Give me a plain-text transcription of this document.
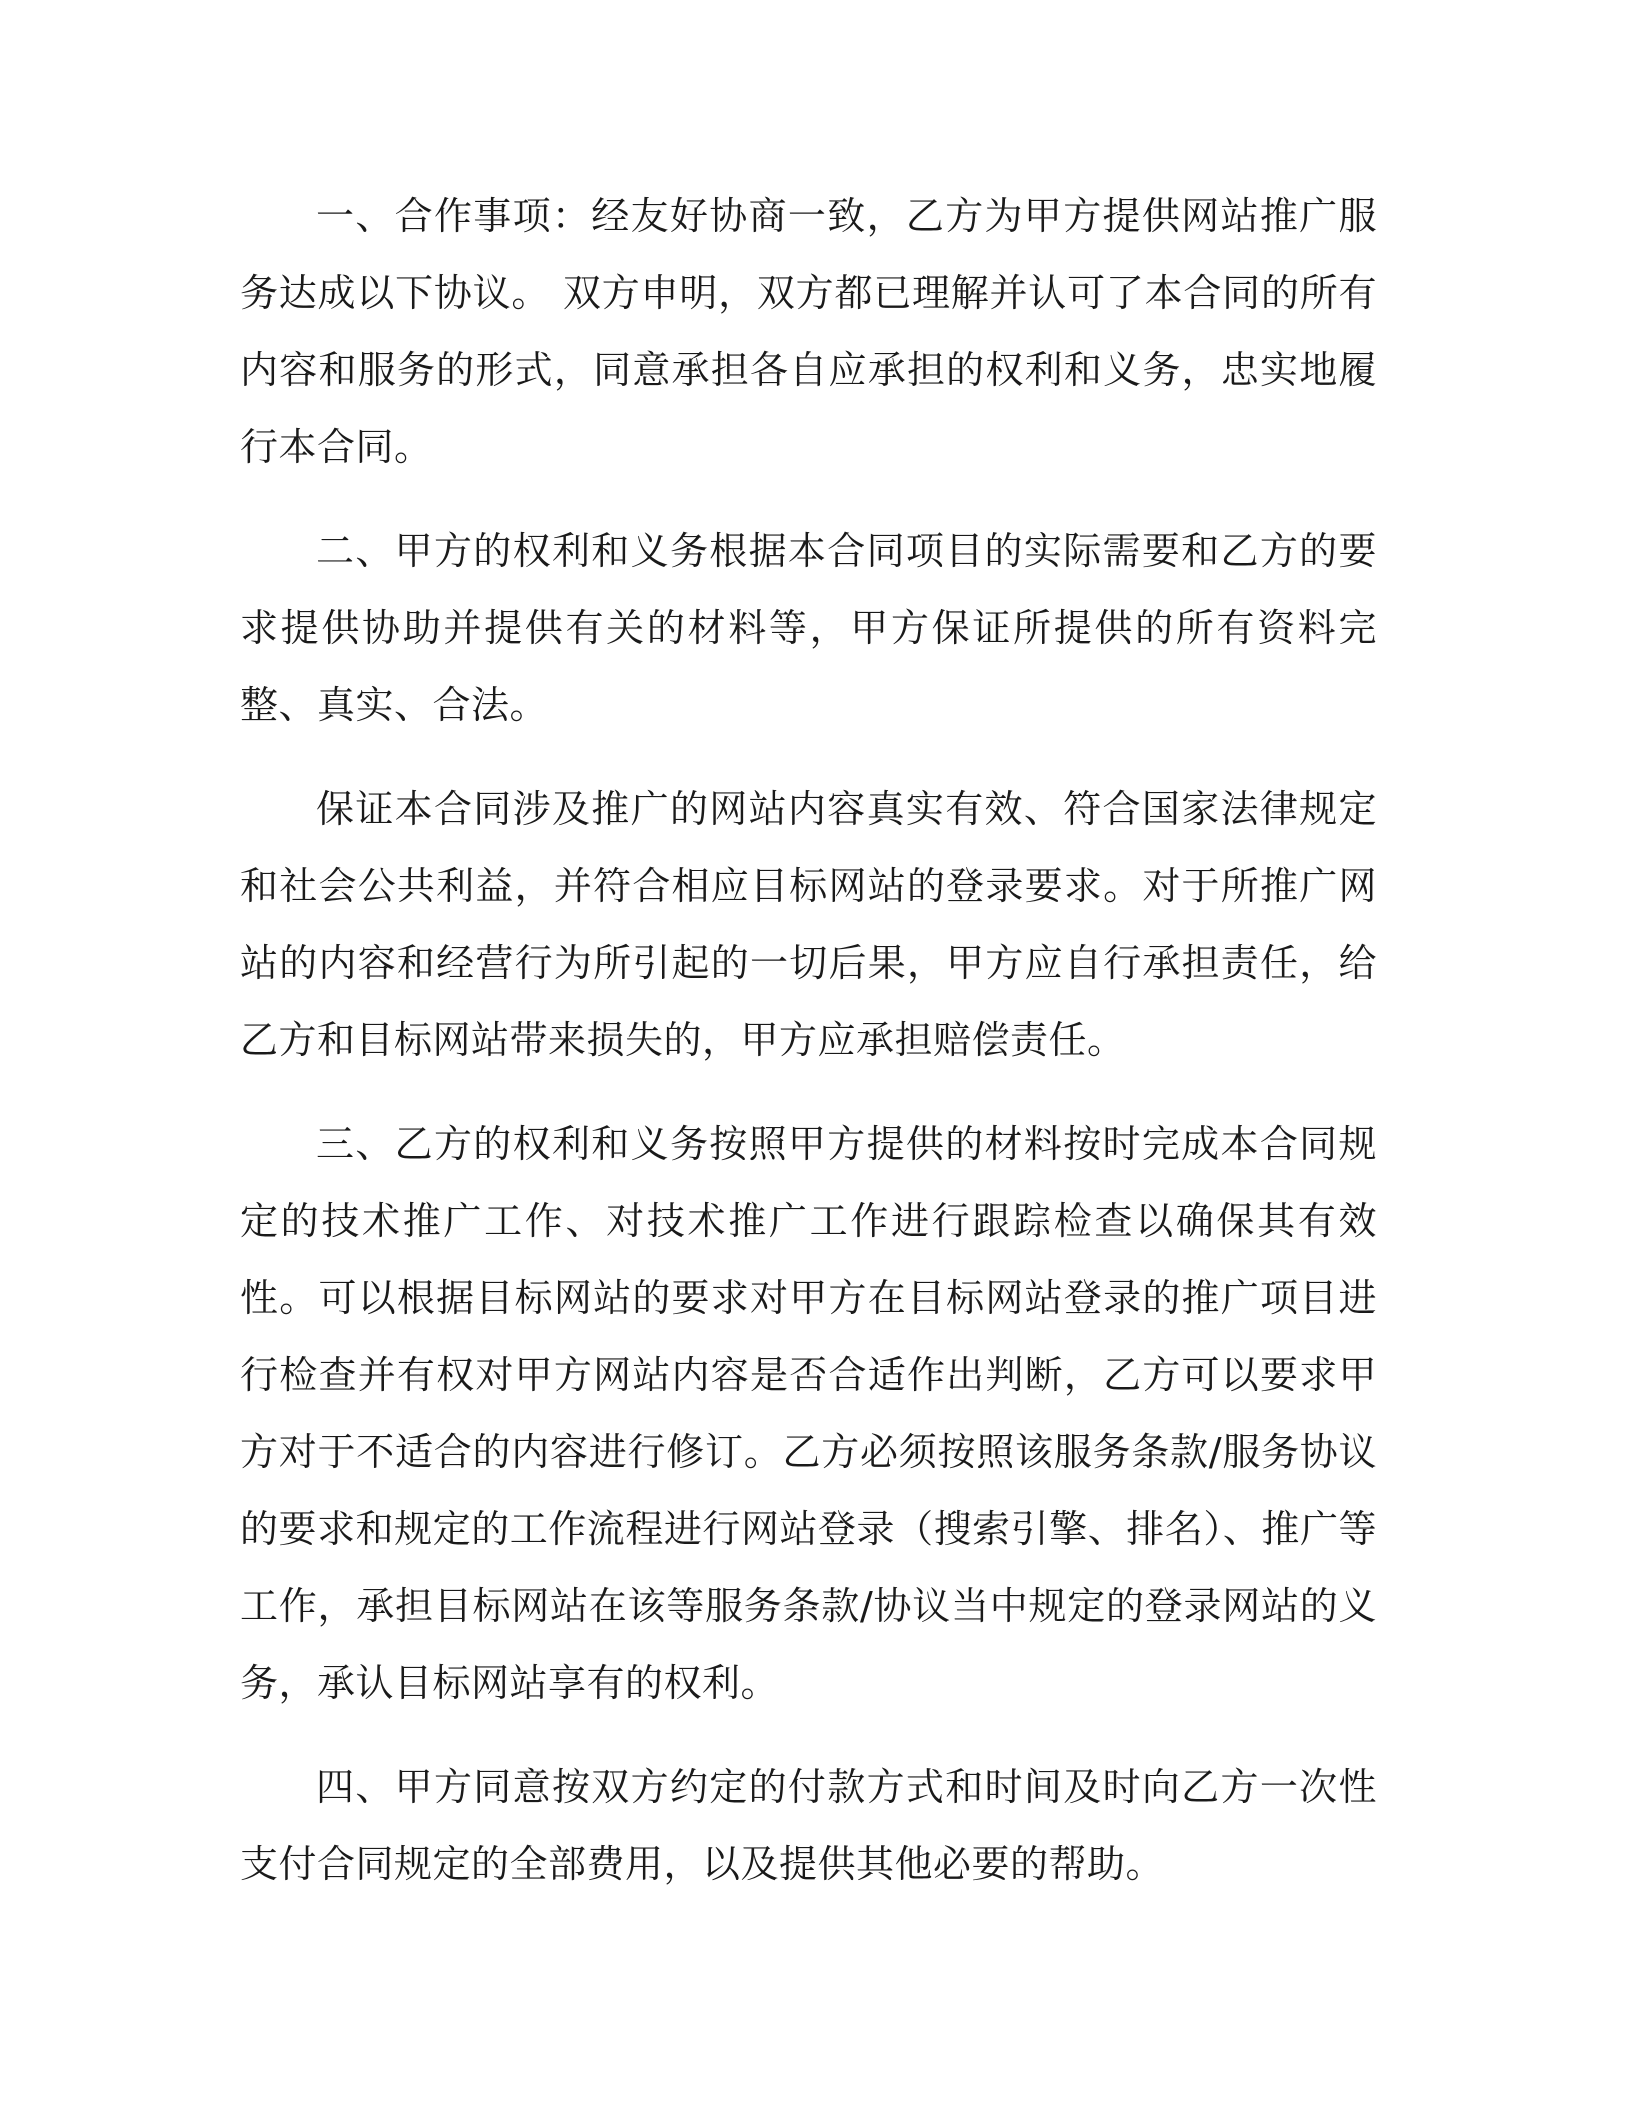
一、合作事项：经友好协商一致，乙方为甲方提供网站推广服务达成以下协议。 双方申明，双方都已理解并认可了本合同的所有内容和服务的形式，同意承担各自应承担的权利和义务，忠实地履行本合同。

二、甲方的权利和义务根据本合同项目的实际需要和乙方的要求提供协助并提供有关的材料等，甲方保证所提供的所有资料完整、真实、合法。

保证本合同涉及推广的网站内容真实有效、符合国家法律规定和社会公共利益，并符合相应目标网站的登录要求。对于所推广网站的内容和经营行为所引起的一切后果，甲方应自行承担责任，给乙方和目标网站带来损失的，甲方应承担赔偿责任。

三、乙方的权利和义务按照甲方提供的材料按时完成本合同规定的技术推广工作、对技术推广工作进行跟踪检查以确保其有效性。可以根据目标网站的要求对甲方在目标网站登录的推广项目进行检查并有权对甲方网站内容是否合适作出判断，乙方可以要求甲方对于不适合的内容进行修订。乙方必须按照该服务条款/服务协议的要求和规定的工作流程进行网站登录（搜索引擎、排名）、推广等工作，承担目标网站在该等服务条款/协议当中规定的登录网站的义务，承认目标网站享有的权利。

四、甲方同意按双方约定的付款方式和时间及时向乙方一次性支付合同规定的全部费用，以及提供其他必要的帮助。
